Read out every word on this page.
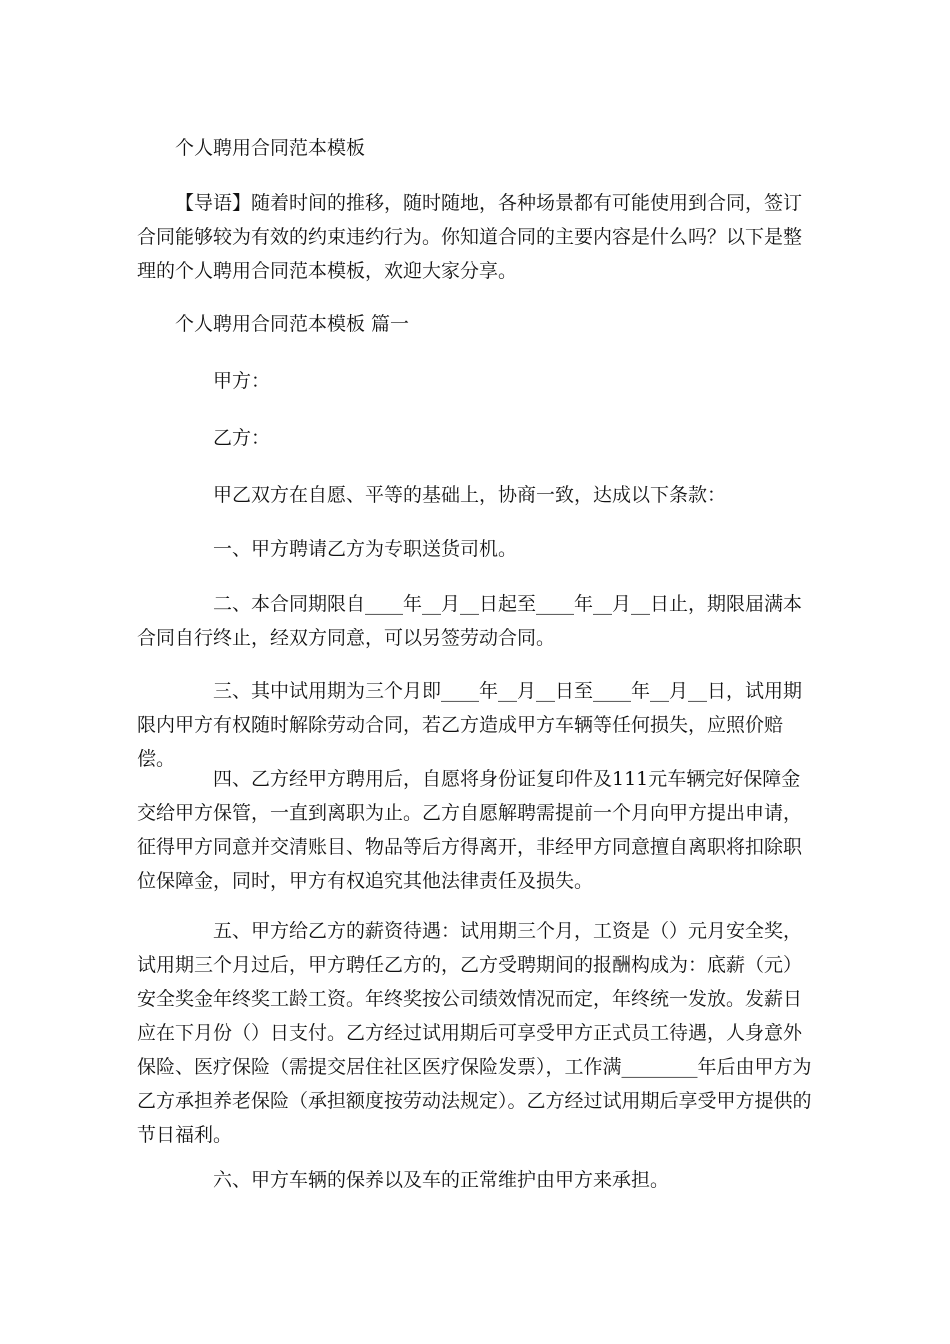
个人聘用合同范本模板

【导语】随着时间的推移，随时随地，各种场景都有可能使用到合同，签订合同能够较为有效的约束违约行为。你知道合同的主要内容是什么吗？以下是整理的个人聘用合同范本模板，欢迎大家分享。

个人聘用合同范本模板 篇一

甲方：

乙方：

甲乙双方在自愿、平等的基础上，协商一致，达成以下条款：

一、甲方聘请乙方为专职送货司机。

二、本合同期限自____年__月__日起至____年__月__日止，期限届满本合同自行终止，经双方同意，可以另签劳动合同。

三、其中试用期为三个月即____年__月__日至____年__月__日，试用期限内甲方有权随时解除劳动合同，若乙方造成甲方车辆等任何损失，应照价赔偿。

四、乙方经甲方聘用后，自愿将身份证复印件及111元车辆完好保障金交给甲方保管，一直到离职为止。乙方自愿解聘需提前一个月向甲方提出申请，征得甲方同意并交清账目、物品等后方得离开，非经甲方同意擅自离职将扣除职位保障金，同时，甲方有权追究其他法律责任及损失。

五、甲方给乙方的薪资待遇：试用期三个月，工资是（）元月安全奖，试用期三个月过后，甲方聘任乙方的，乙方受聘期间的报酬构成为：底薪（元）安全奖金年终奖工龄工资。年终奖按公司绩效情况而定，年终统一发放。发薪日应在下月份（）日支付。乙方经过试用期后可享受甲方正式员工待遇，人身意外保险、医疗保险（需提交居住社区医疗保险发票），工作满________年后由甲方为乙方承担养老保险（承担额度按劳动法规定）。乙方经过试用期后享受甲方提供的节日福利。

六、甲方车辆的保养以及车的正常维护由甲方来承担。
